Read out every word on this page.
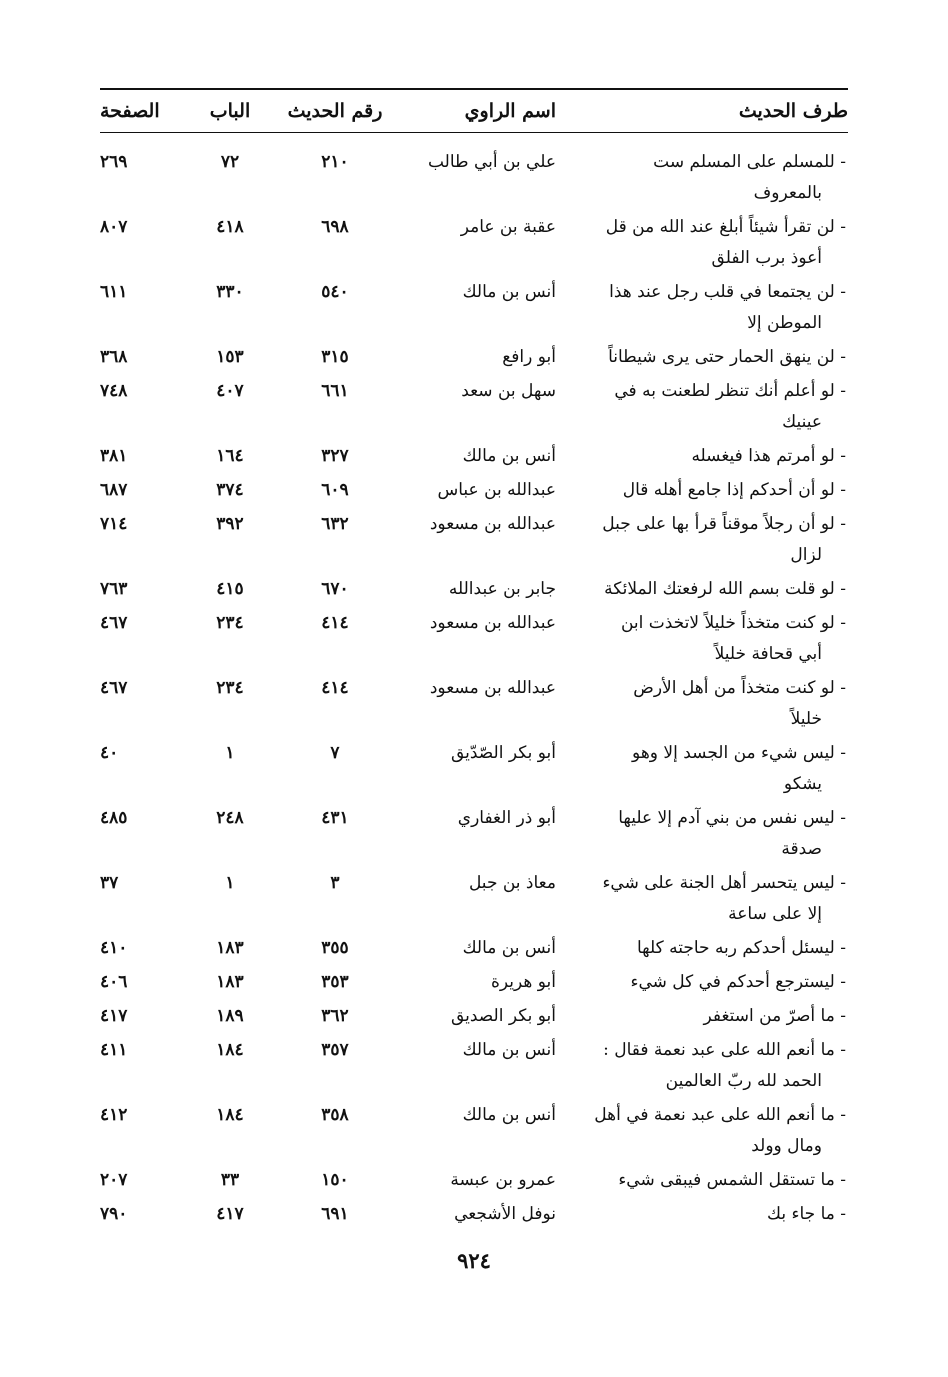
طرف الحديث
اسم الراوي
رقم الحديث
الباب
الصفحة
- للمسلم على المسلم ست
بالمعروف
علي بن أبي طالب
٢١٠
٧٢
٢٦٩
- لن تقرأ شيئاً أبلغ عند الله من قل
أعوذ برب الفلق
عقبة بن عامر
٦٩٨
٤١٨
٨٠٧
- لن يجتمعا في قلب رجل عند هذا
الموطن إلا
أنس بن مالك
٥٤٠
٣٣٠
٦١١
- لن ينهق الحمار حتى يرى شيطاناً
أبو رافع
٣١٥
١٥٣
٣٦٨
- لو أعلم أنك تنظر لطعنت به في
عينيك
سهل بن سعد
٦٦١
٤٠٧
٧٤٨
- لو أمرتم هذا فيغسله
أنس بن مالك
٣٢٧
١٦٤
٣٨١
- لو أن أحدكم إذا جامع أهله قال
عبدالله بن عباس
٦٠٩
٣٧٤
٦٨٧
- لو أن رجلاً موقناً قرأ بها على جبل
لزال
عبدالله بن مسعود
٦٣٢
٣٩٢
٧١٤
- لو قلت بسم الله لرفعتك الملائكة
جابر بن عبدالله
٦٧٠
٤١٥
٧٦٣
- لو كنت متخذاً خليلاً لاتخذت ابن
أبي قحافة خليلاً
عبدالله بن مسعود
٤١٤
٢٣٤
٤٦٧
- لو كنت متخذاً من أهل الأرض
خليلاً
عبدالله بن مسعود
٤١٤
٢٣٤
٤٦٧
- ليس شيء من الجسد إلا وهو
يشكو
أبو بكر الصّدّيق
٧
١
٤٠
- ليس نفس من بني آدم إلا عليها
صدقة
أبو ذر الغفاري
٤٣١
٢٤٨
٤٨٥
- ليس يتحسر أهل الجنة على شيء
إلا على ساعة
معاذ بن جبل
٣
١
٣٧
- ليسئل أحدكم ربه حاجته كلها
أنس بن مالك
٣٥٥
١٨٣
٤١٠
- ليسترجع أحدكم في كل شيء
أبو هريرة
٣٥٣
١٨٣
٤٠٦
- ما أصرّ من استغفر
أبو بكر الصديق
٣٦٢
١٨٩
٤١٧
- ما أنعم الله على عبد نعمة فقال :
الحمد لله ربّ العالمين
أنس بن مالك
٣٥٧
١٨٤
٤١١
- ما أنعم الله على عبد نعمة في أهل
ومال وولد
أنس بن مالك
٣٥٨
١٨٤
٤١٢
- ما تستقل الشمس فيبقى شيء
عمرو بن عبسة
١٥٠
٣٣
٢٠٧
- ما جاء بك
نوفل الأشجعي
٦٩١
٤١٧
٧٩٠
٩٢٤
